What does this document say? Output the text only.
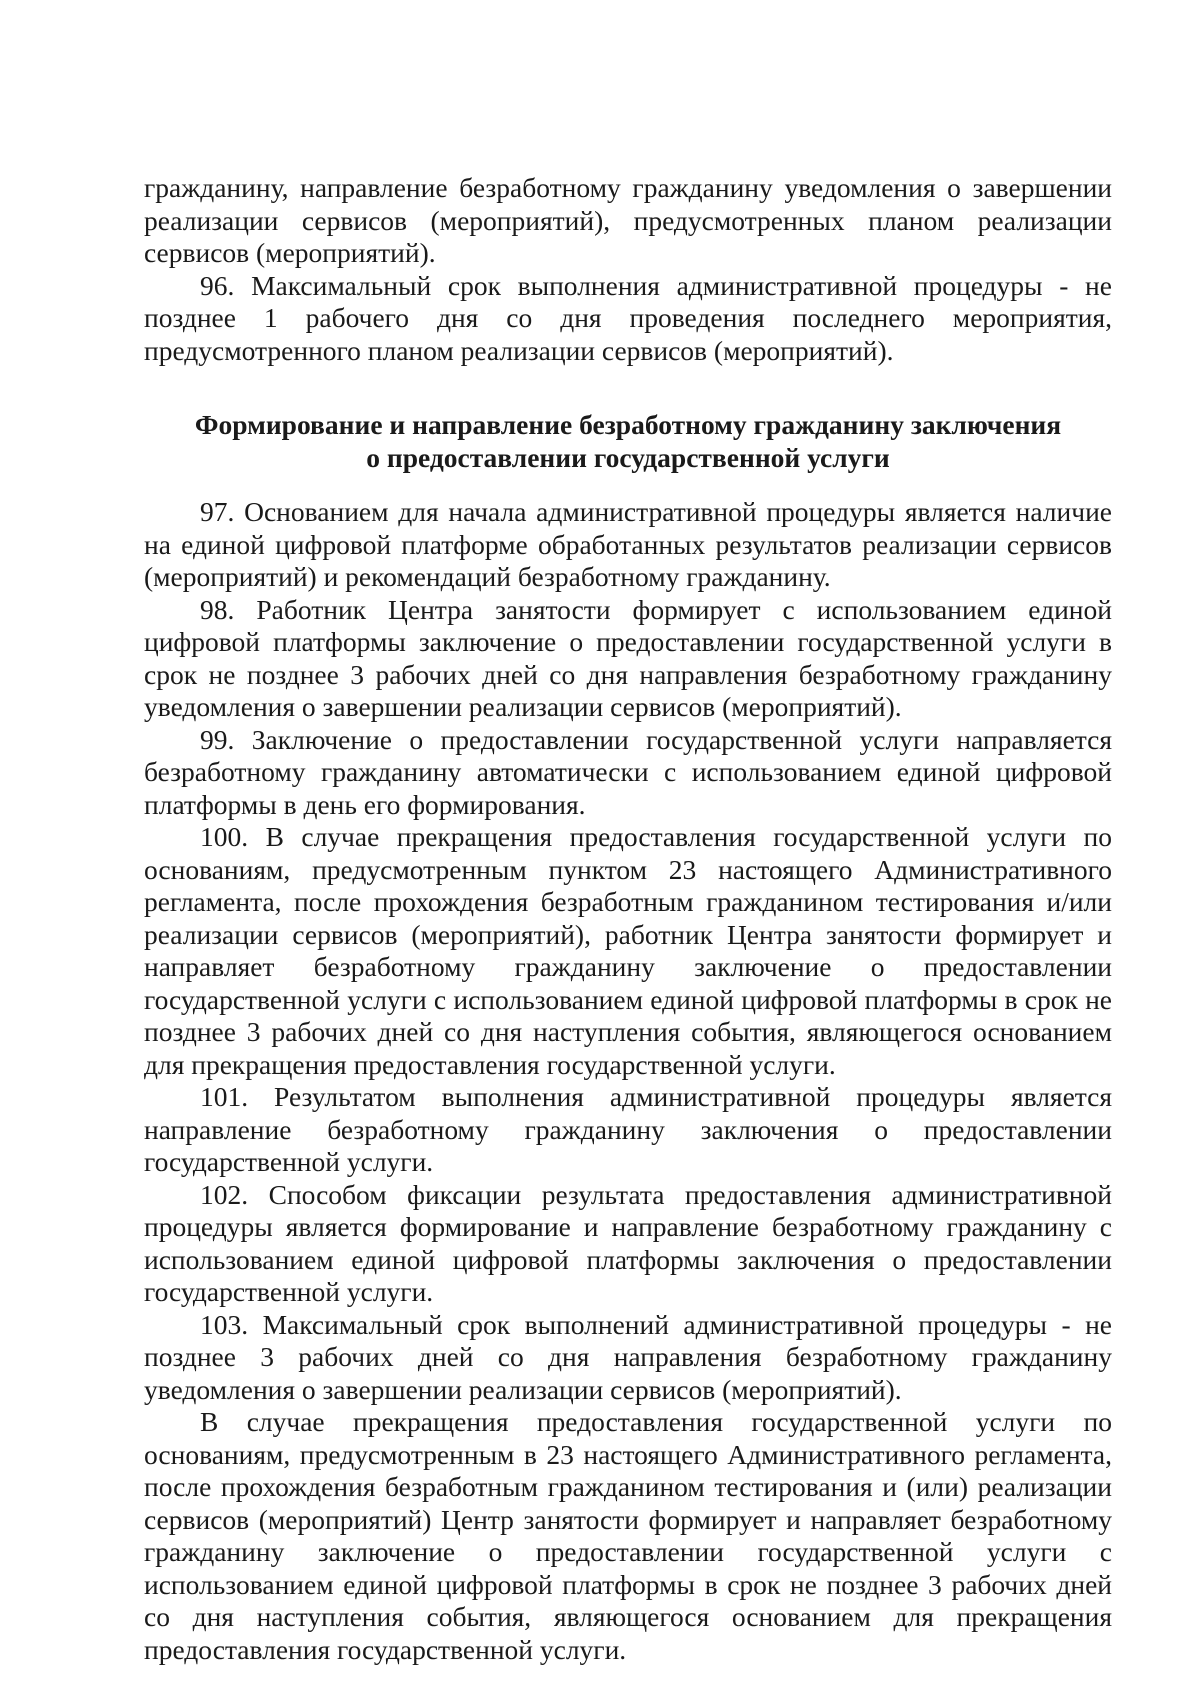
гражданину, направление безработному гражданину уведомления о завершении реализации сервисов (мероприятий), предусмотренных планом реализации сервисов (мероприятий).

96. Максимальный срок выполнения административной процедуры - не позднее 1 рабочего дня со дня проведения последнего мероприятия, предусмотренного планом реализации сервисов (мероприятий).

Формирование и направление безработному гражданину заключения
о предоставлении государственной услуги

97. Основанием для начала административной процедуры является наличие на единой цифровой платформе обработанных результатов реализации сервисов (мероприятий) и рекомендаций безработному гражданину.

98. Работник Центра занятости формирует с использованием единой цифровой платформы заключение о предоставлении государственной услуги в срок не позднее 3 рабочих дней со дня направления безработному гражданину уведомления о завершении реализации сервисов (мероприятий).

99. Заключение о предоставлении государственной услуги направляется безработному гражданину автоматически с использованием единой цифровой платформы в день его формирования.

100. В случае прекращения предоставления государственной услуги по основаниям, предусмотренным пунктом 23 настоящего Административного регламента, после прохождения безработным гражданином тестирования и/или реализации сервисов (мероприятий), работник Центра занятости формирует и направляет безработному гражданину заключение о предоставлении государственной услуги с использованием единой цифровой платформы в срок не позднее 3 рабочих дней со дня наступления события, являющегося основанием для прекращения предоставления государственной услуги.

101. Результатом выполнения административной процедуры является направление безработному гражданину заключения о предоставлении государственной услуги.

102. Способом фиксации результата предоставления административной процедуры является формирование и направление безработному гражданину с использованием единой цифровой платформы заключения о предоставлении государственной услуги.

103. Максимальный срок выполнений административной процедуры - не позднее 3 рабочих дней со дня направления безработному гражданину уведомления о завершении реализации сервисов (мероприятий).

В случае прекращения предоставления государственной услуги по основаниям, предусмотренным в 23 настоящего Административного регламента, после прохождения безработным гражданином тестирования и (или) реализации сервисов (мероприятий) Центр занятости формирует и направляет безработному гражданину заключение о предоставлении государственной услуги с использованием единой цифровой платформы в срок не позднее 3 рабочих дней со дня наступления события, являющегося основанием для прекращения предоставления государственной услуги.
